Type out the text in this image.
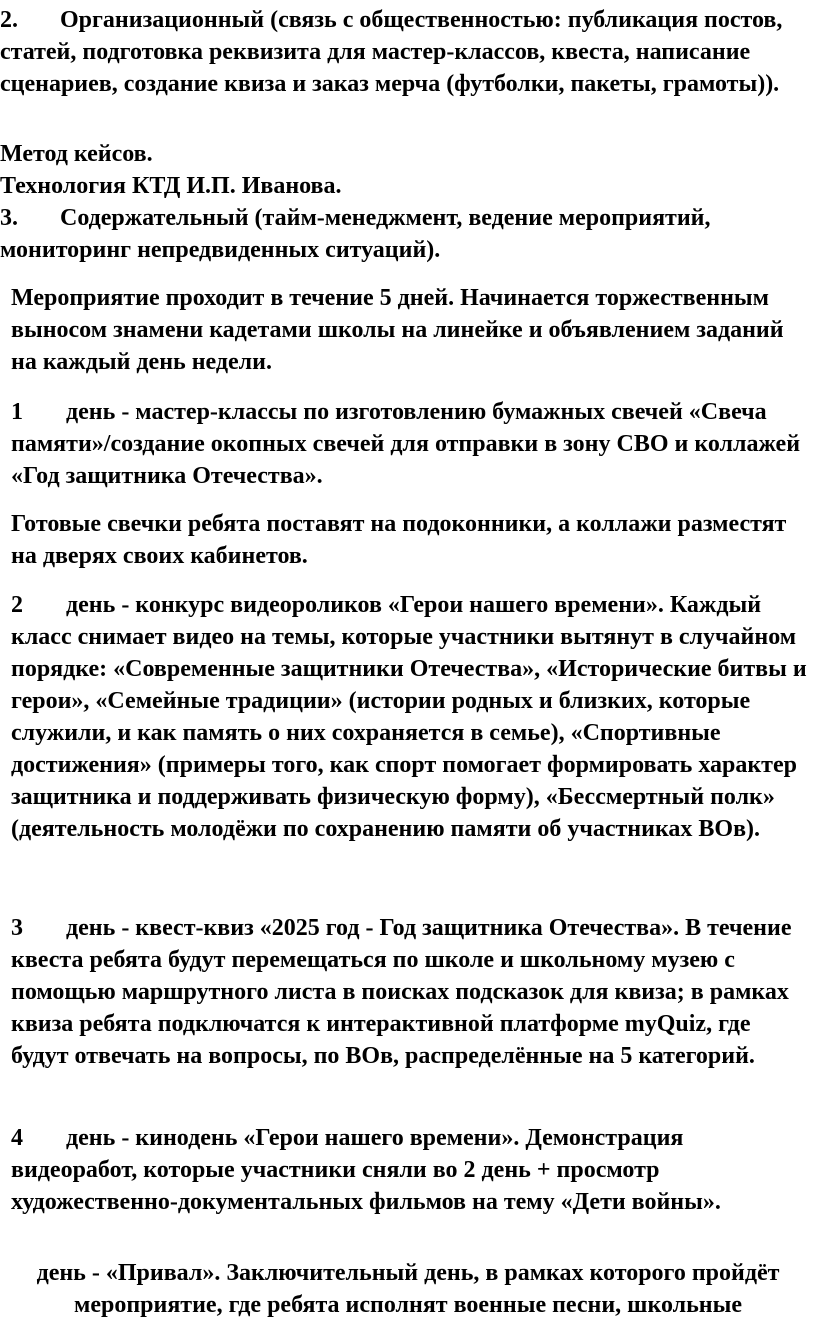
2. Организационный (связь с общественностью: публикация постов, статей, подготовка реквизита для мастер-классов, квеста, написание сценариев, создание квиза и заказ мерча (футболки, пакеты, грамоты)).

Метод кейсов.

Технология КТД И.П. Иванова.

3. Содержательный (тайм-менеджмент, ведение мероприятий, мониторинг непредвиденных ситуаций).

Мероприятие проходит в течение 5 дней. Начинается торжественным выносом знамени кадетами школы на линейке и объявлением заданий на каждый день недели.

1 день - мастер-классы по изготовлению бумажных свечей «Свеча памяти»/создание окопных свечей для отправки в зону СВО и коллажей «Год защитника Отечества».

Готовые свечки ребята поставят на подоконники, а коллажи разместят на дверях своих кабинетов.

2 день - конкурс видеороликов «Герои нашего времени». Каждый класс снимает видео на темы, которые участники вытянут в случайном порядке: «Современные защитники Отечества», «Исторические битвы и герои», «Семейные традиции» (истории родных и близких, которые служили, и как память о них сохраняется в семье), «Спортивные достижения» (примеры того, как спорт помогает формировать характер защитника и поддерживать физическую форму), «Бессмертный полк» (деятельность молодёжи по сохранению памяти об участниках ВОв).

3 день - квест-квиз «2025 год - Год защитника Отечества». В течение квеста ребята будут перемещаться по школе и школьному музею с помощью маршрутного листа в поисках подсказок для квиза; в рамках квиза ребята подключатся к интерактивной платформе myQuiz, где будут отвечать на вопросы, по ВОв, распределённые на 5 категорий.

4 день - кинодень «Герои нашего времени». Демонстрация видеоработ, которые участники сняли во 2 день + просмотр художественно-документальных фильмов на тему «Дети войны».

день - «Привал». Заключительный день, в рамках которого пройдёт мероприятие, где ребята исполнят военные песни, школьные
